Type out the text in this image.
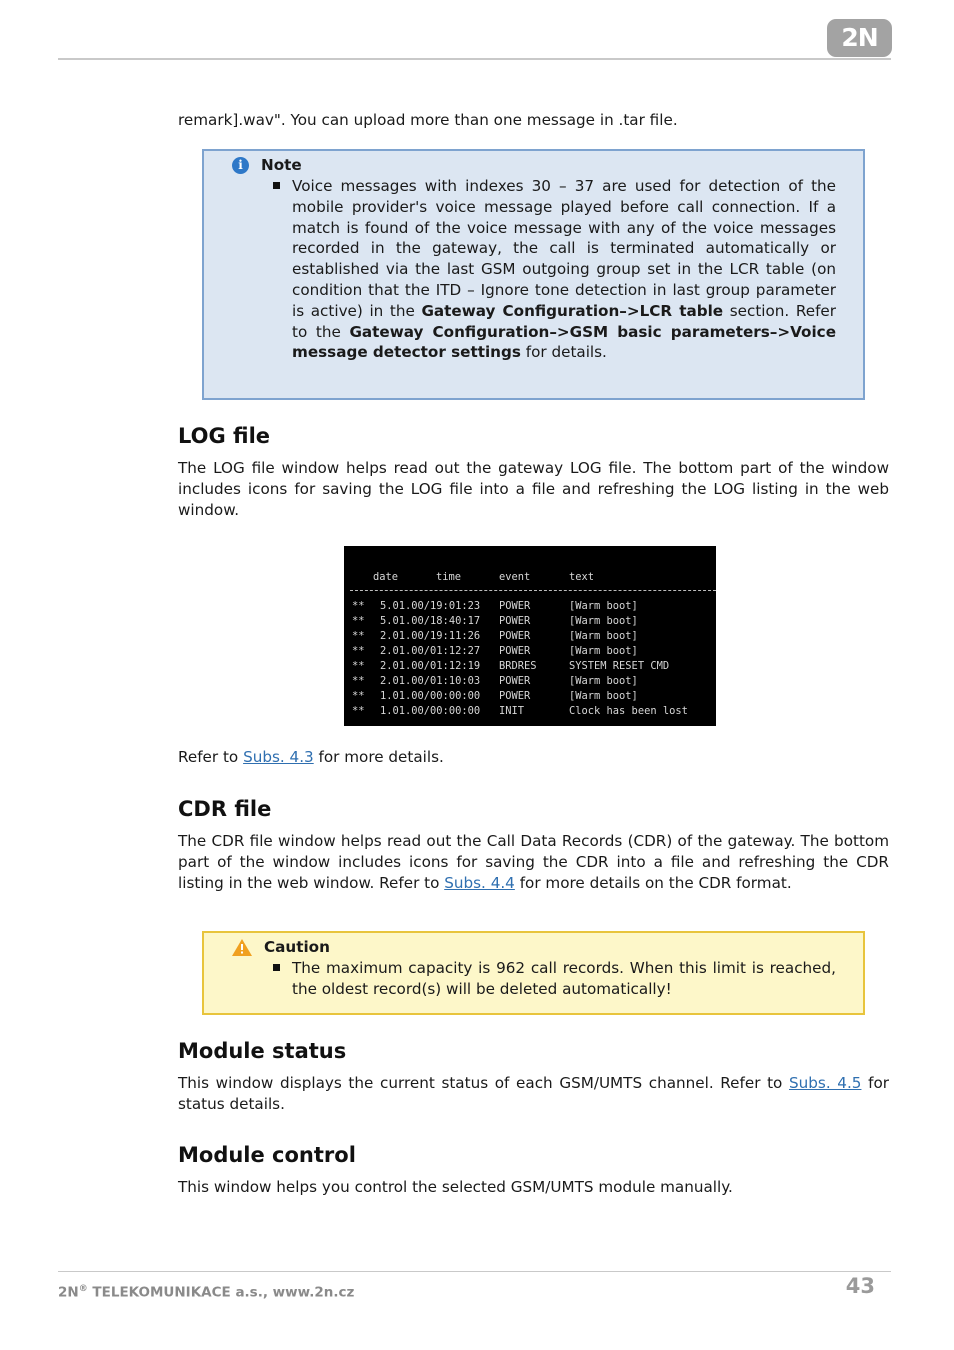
2N

remark].wav". You can upload more than one message in .tar file.

i	Note

Voice messages with indexes 30 – 37 are used for detection of the mobile provider's voice message played before call connection. If a match is found of the voice message with any of the voice messages recorded in the gateway, the call is terminated automatically or established via the last GSM outgoing group set in the LCR table (on condition that the ITD – Ignore tone detection in last group parameter is active) in the Gateway Configuration–>LCR table section. Refer to the Gateway Configuration–>GSM basic parameters–>Voice message detector settings for details.

LOG file

The LOG file window helps read out the gateway LOG file. The bottom part of the window includes icons for saving the LOG file into a file and refreshing the LOG listing in the web window.

date	time	event	text
** 5.01.00/19:01:23 POWER	[Warm boot]
** 5.01.00/18:40:17 POWER	[Warm boot]
** 2.01.00/19:11:26 POWER	[Warm boot]
** 2.01.00/01:12:27 POWER	[Warm boot]
** 2.01.00/01:12:19 BRDRES	SYSTEM RESET CMD
** 2.01.00/01:10:03 POWER	[Warm boot]
** 1.01.00/00:00:00 POWER	[Warm boot]
** 1.01.00/00:00:00 INIT	Clock has been lost

Refer to Subs. 4.3 for more details.

CDR file

The CDR file window helps read out the Call Data Records (CDR) of the gateway. The bottom part of the window includes icons for saving the CDR into a file and refreshing the CDR listing in the web window. Refer to Subs. 4.4 for more details on the CDR format.

Caution

The maximum capacity is 962 call records. When this limit is reached, the oldest record(s) will be deleted automatically!

Module status

This window displays the current status of each GSM/UMTS channel. Refer to Subs. 4.5 for status details.

Module control

This window helps you control the selected GSM/UMTS module manually.

2N® TELEKOMUNIKACE a.s., www.2n.cz	43
